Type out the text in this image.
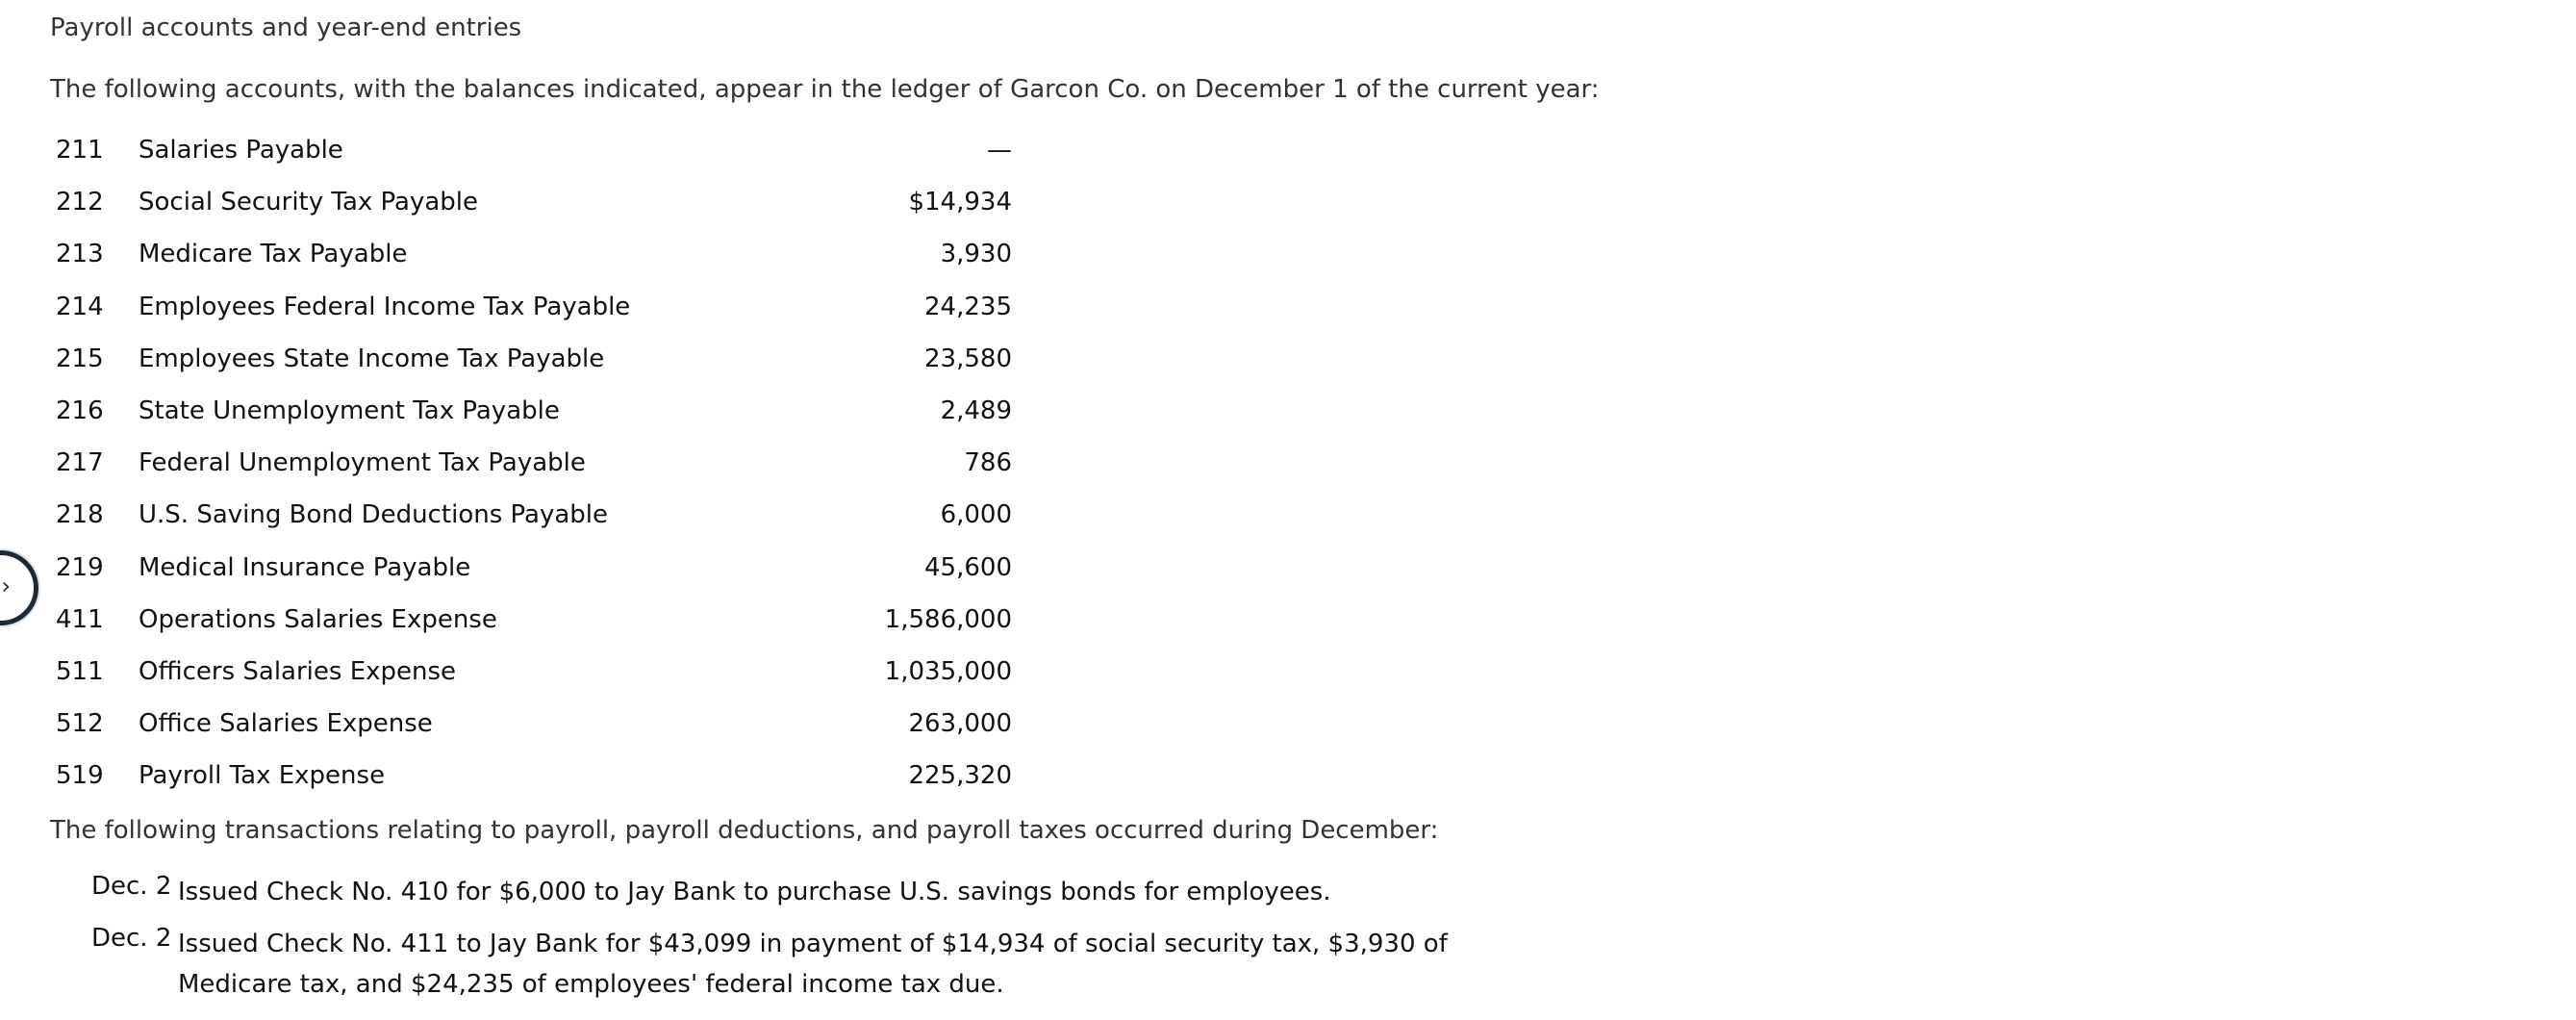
›
Payroll accounts and year-end entries
The following accounts, with the balances indicated, appear in the ledger of Garcon Co. on December 1 of the current year:
211 Salaries Payable	—
212 Social Security Tax Payable	$14,934
213 Medicare Tax Payable	3,930
214 Employees Federal Income Tax Payable	24,235
215 Employees State Income Tax Payable	23,580
216 State Unemployment Tax Payable	2,489
217 Federal Unemployment Tax Payable	786
218 U.S. Saving Bond Deductions Payable	6,000
219 Medical Insurance Payable	45,600
411 Operations Salaries Expense	1,586,000
511 Officers Salaries Expense	1,035,000
512 Office Salaries Expense	263,000
519 Payroll Tax Expense	225,320
The following transactions relating to payroll, payroll deductions, and payroll taxes occurred during December:
Dec. 2 Issued Check No. 410 for $6,000 to Jay Bank to purchase U.S. savings bonds for employees.
Dec. 2 Issued Check No. 411 to Jay Bank for $43,099 in payment of $14,934 of social security tax, $3,930 of Medicare tax, and $24,235 of employees' federal income tax due.
